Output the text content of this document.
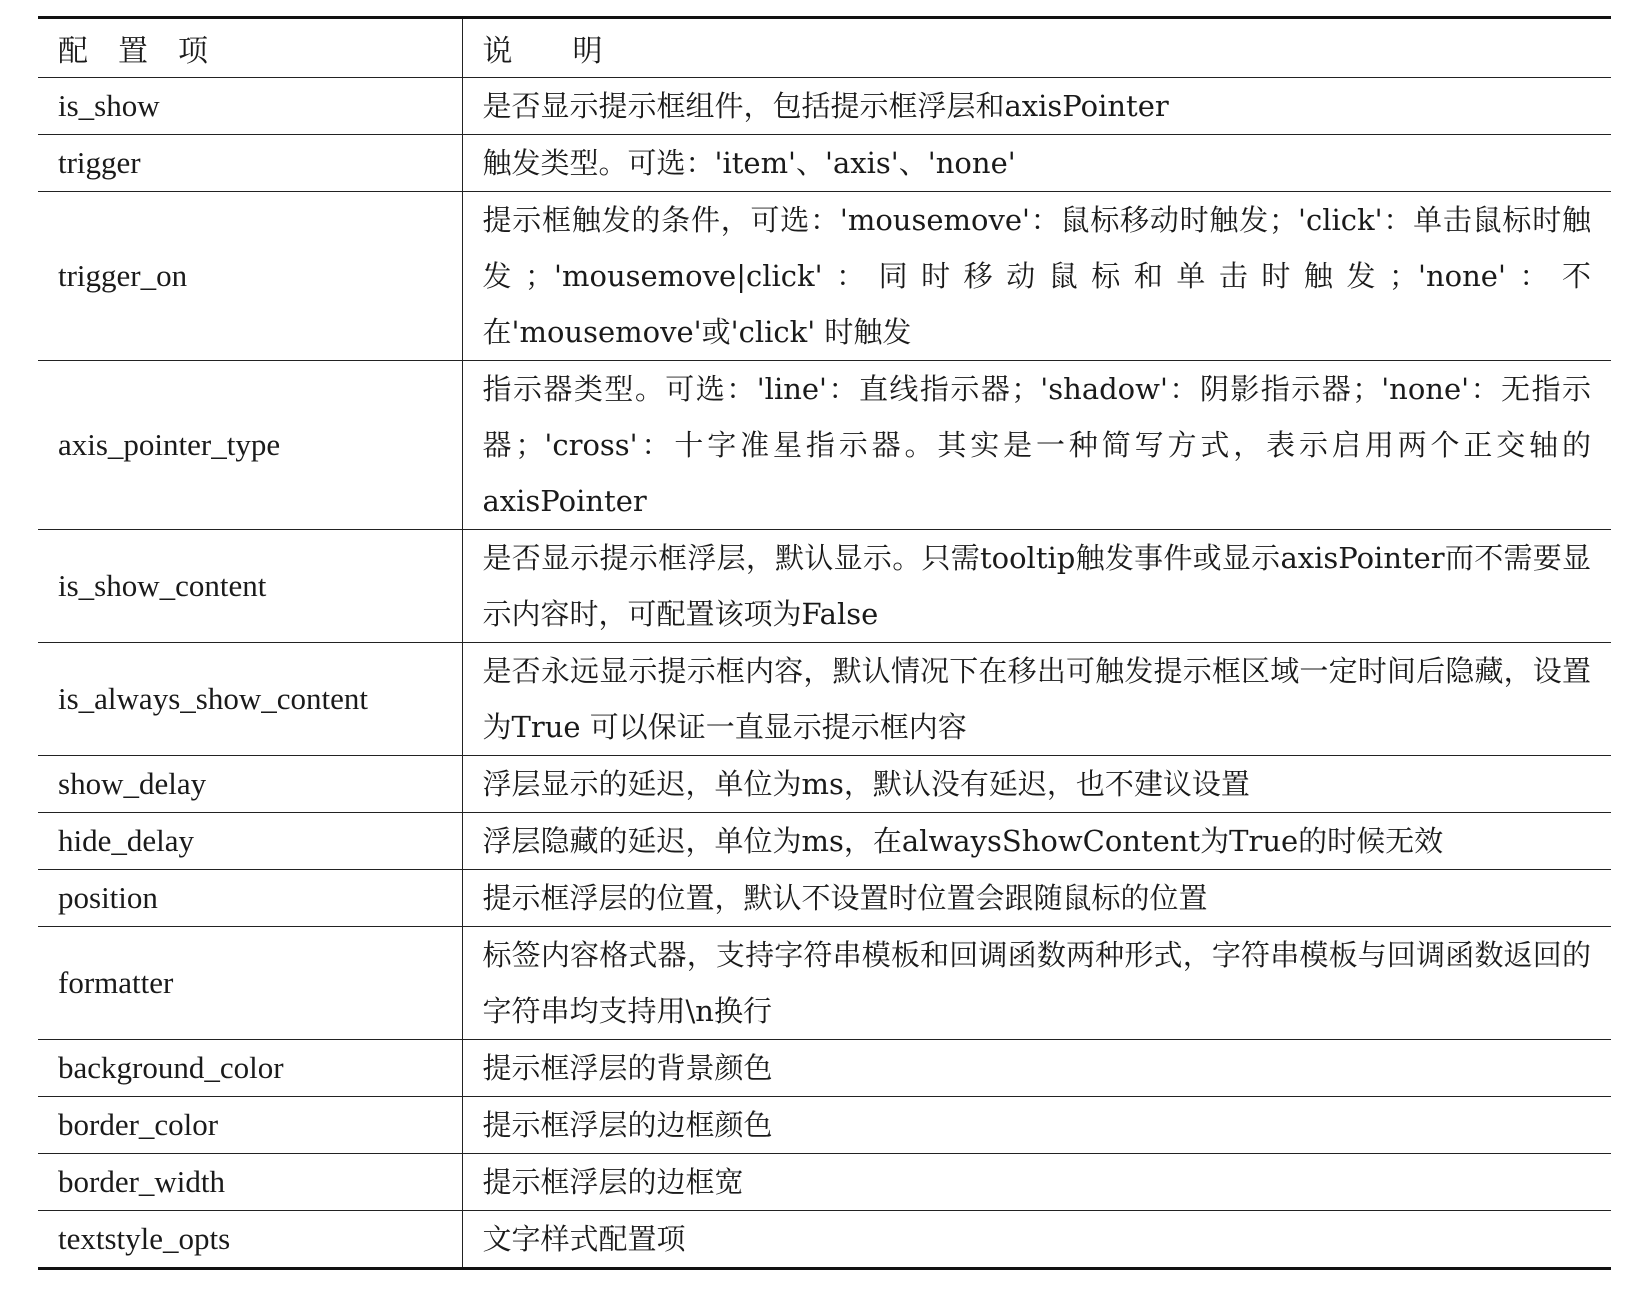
配　置　项	说　　明
is_show	是否显示提示框组件，包括提示框浮层和axisPointer
trigger	触发类型。可选：'item'、'axis'、'none'
trigger_on	提示框触发的条件，可选：'mousemove'：鼠标移动时触发；'click'：单击鼠标时触发；'mousemove|click'：同时移动鼠标和单击时触发；'none'：不在'mousemove'或'click' 时触发
axis_pointer_type	指示器类型。可选：'line'：直线指示器；'shadow'：阴影指示器；'none'：无指示器；'cross'：十字准星指示器。其实是一种简写方式，表示启用两个正交轴的axisPointer
is_show_content	是否显示提示框浮层，默认显示。只需tooltip触发事件或显示axisPointer而不需要显示内容时，可配置该项为False
is_always_show_content	是否永远显示提示框内容，默认情况下在移出可触发提示框区域一定时间后隐藏，设置为True 可以保证一直显示提示框内容
show_delay	浮层显示的延迟，单位为ms，默认没有延迟，也不建议设置
hide_delay	浮层隐藏的延迟，单位为ms，在alwaysShowContent为True的时候无效
position	提示框浮层的位置，默认不设置时位置会跟随鼠标的位置
formatter	标签内容格式器，支持字符串模板和回调函数两种形式，字符串模板与回调函数返回的字符串均支持用\n换行
background_color	提示框浮层的背景颜色
border_color	提示框浮层的边框颜色
border_width	提示框浮层的边框宽
textstyle_opts	文字样式配置项
